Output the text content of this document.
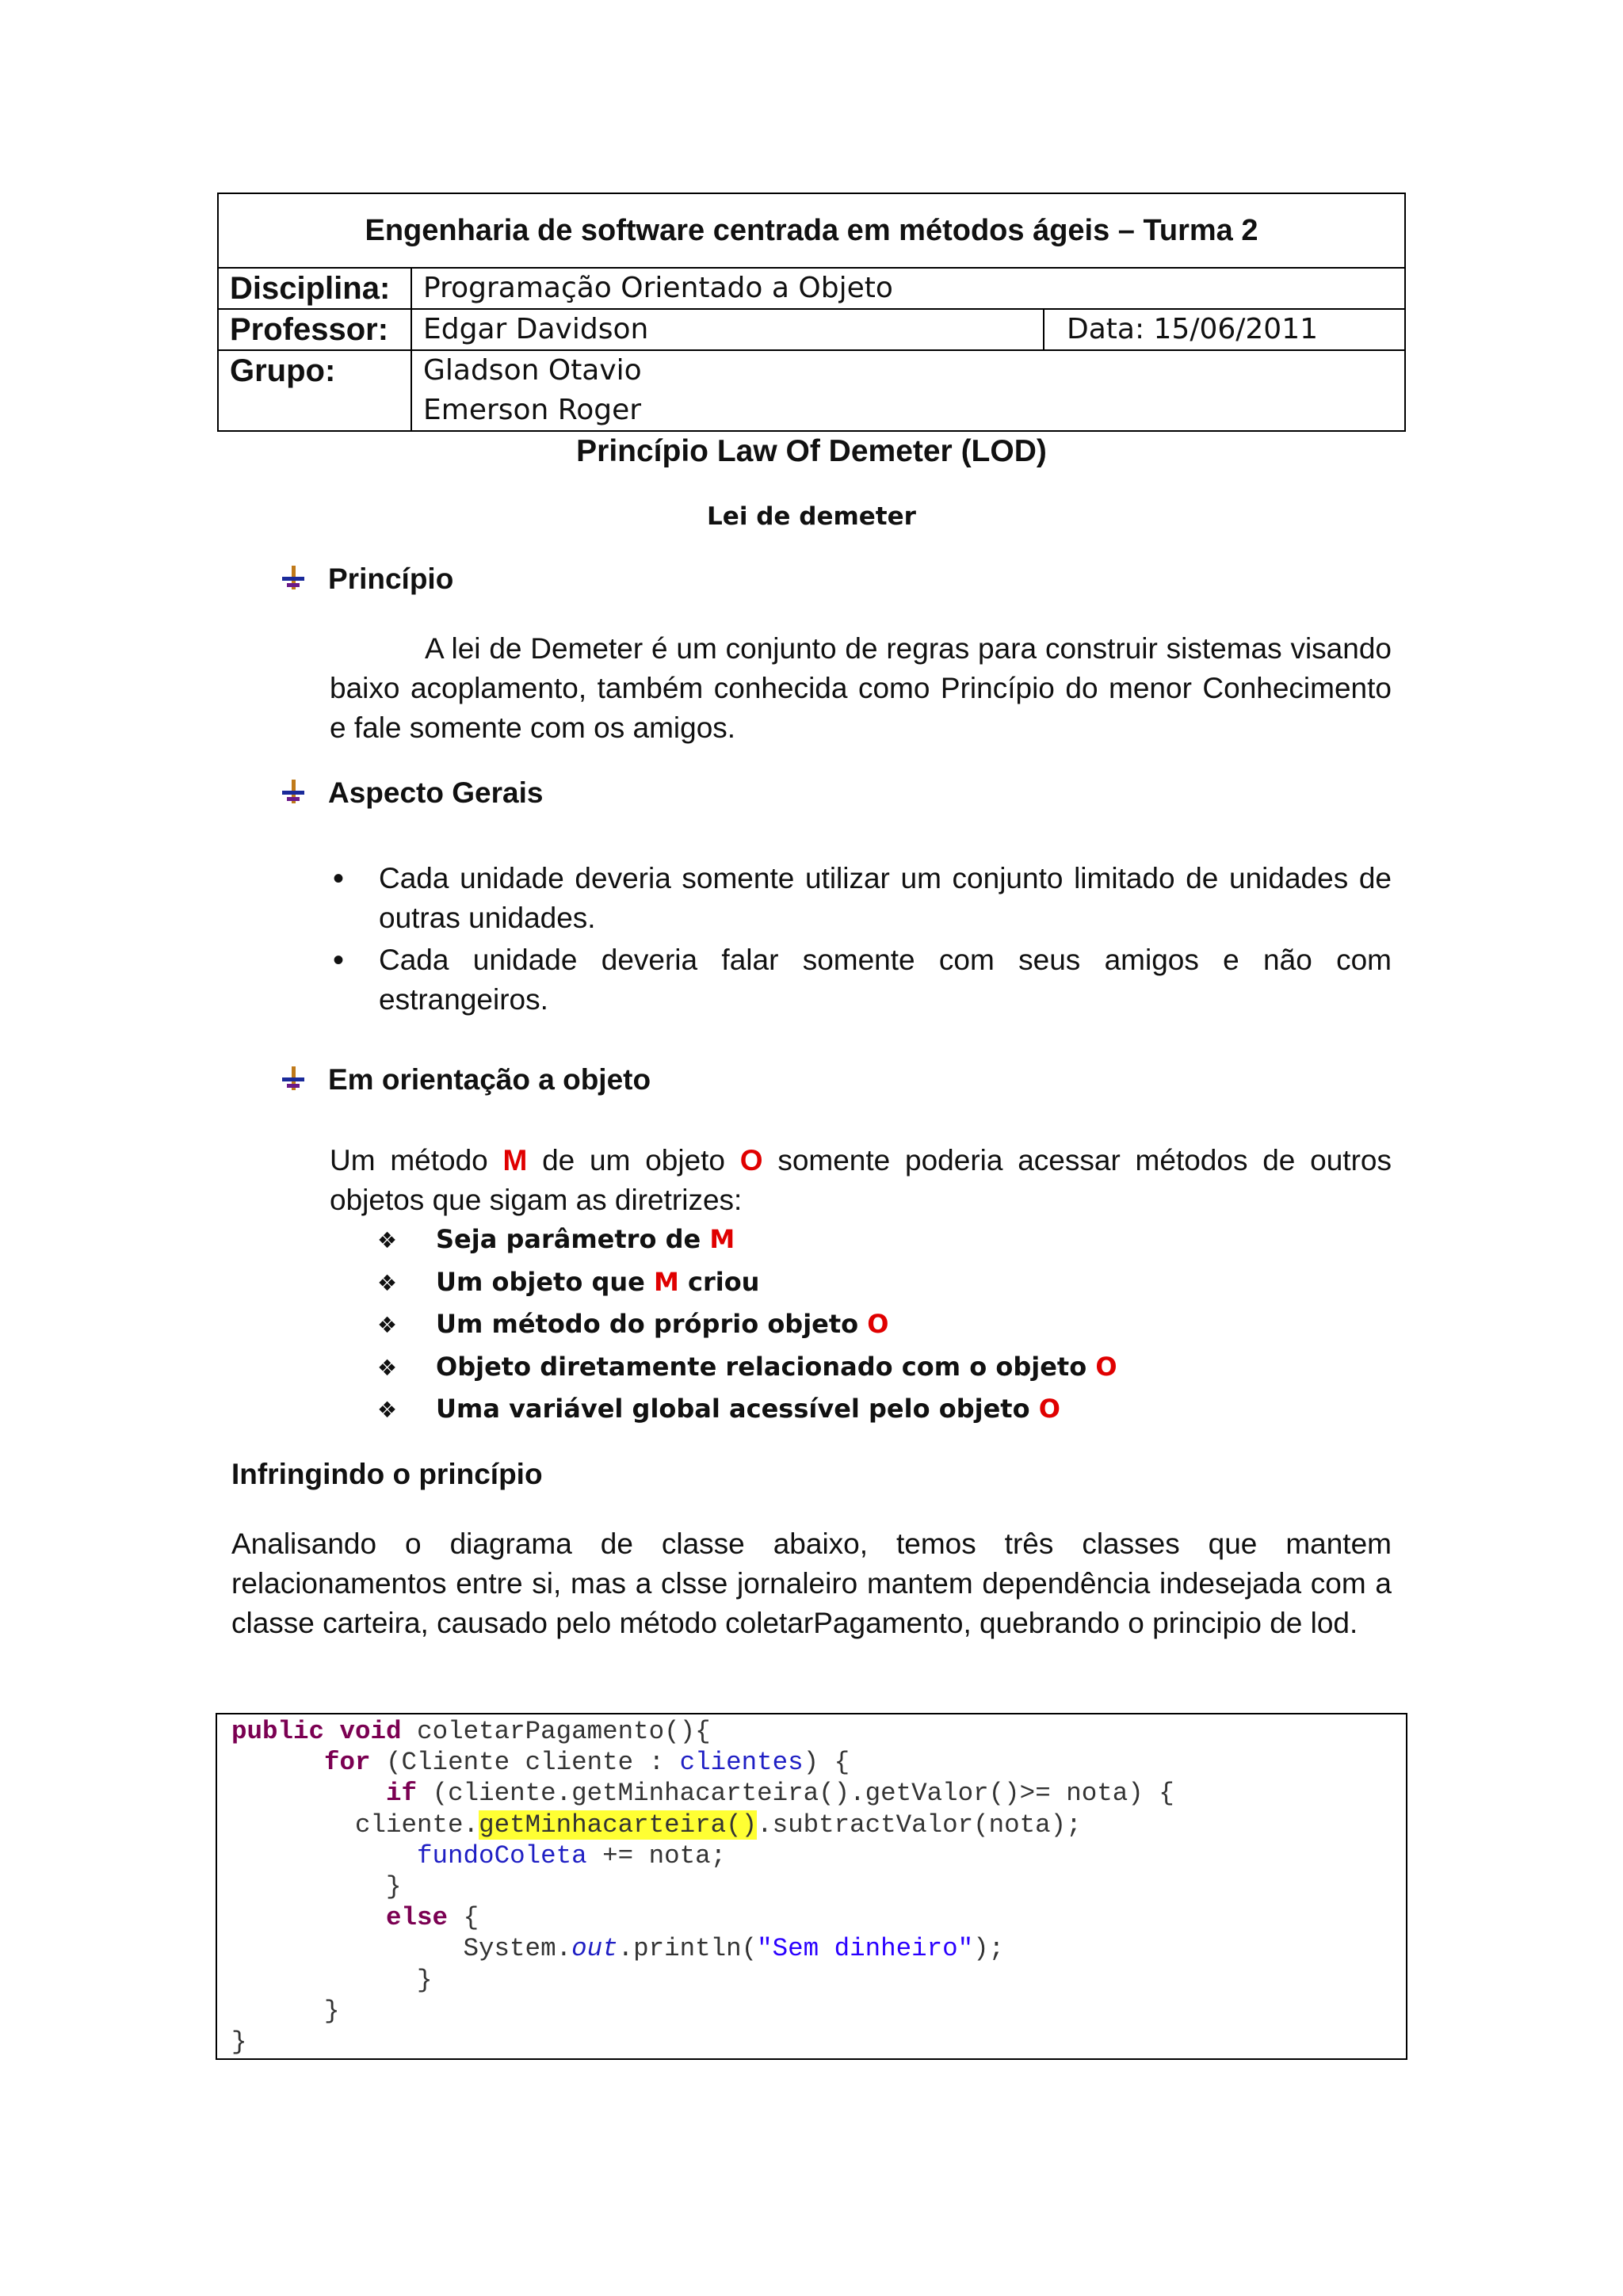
Engenharia de software centrada em métodos ágeis – Turma 2		
Disciplina:	Programação Orientado a Objeto	
Professor:	Edgar Davidson	Data: 15/06/2011
Grupo:	Gladson Otavio
Emerson Roger	
Princípio Law Of Demeter (LOD)
Lei de demeter
Princípio
A lei de Demeter é um conjunto de regras para construir sistemas visando baixo acoplamento, também conhecida como Princípio do menor Conhecimento e fale somente com os amigos.
Aspecto Gerais
• Cada unidade deveria somente utilizar um conjunto limitado de unidades de outras unidades.
• Cada unidade deveria falar somente com seus amigos e não com estrangeiros.
Em orientação a objeto
Um método M de um objeto O somente poderia acessar métodos de outros objetos que sigam as diretrizes:
❖ Seja parâmetro de M
❖ Um objeto que M criou
❖ Um método do próprio objeto O
❖ Objeto diretamente relacionado com o objeto O
❖ Uma variável global acessível pelo objeto O
Infringindo o princípio
Analisando o diagrama de classe abaixo, temos três classes que mantem relacionamentos entre si, mas a clsse jornaleiro mantem dependência indesejada com a classe carteira, causado pelo método coletarPagamento, quebrando o principio de lod.
public void coletarPagamento(){
for (Cliente cliente : clientes) {
if (cliente.getMinhacarteira().getValor()>= nota) {
cliente.getMinhacarteira().subtractValor(nota);
fundoColeta += nota;
}
else {
System.out.println("Sem dinheiro");
}
}
}
